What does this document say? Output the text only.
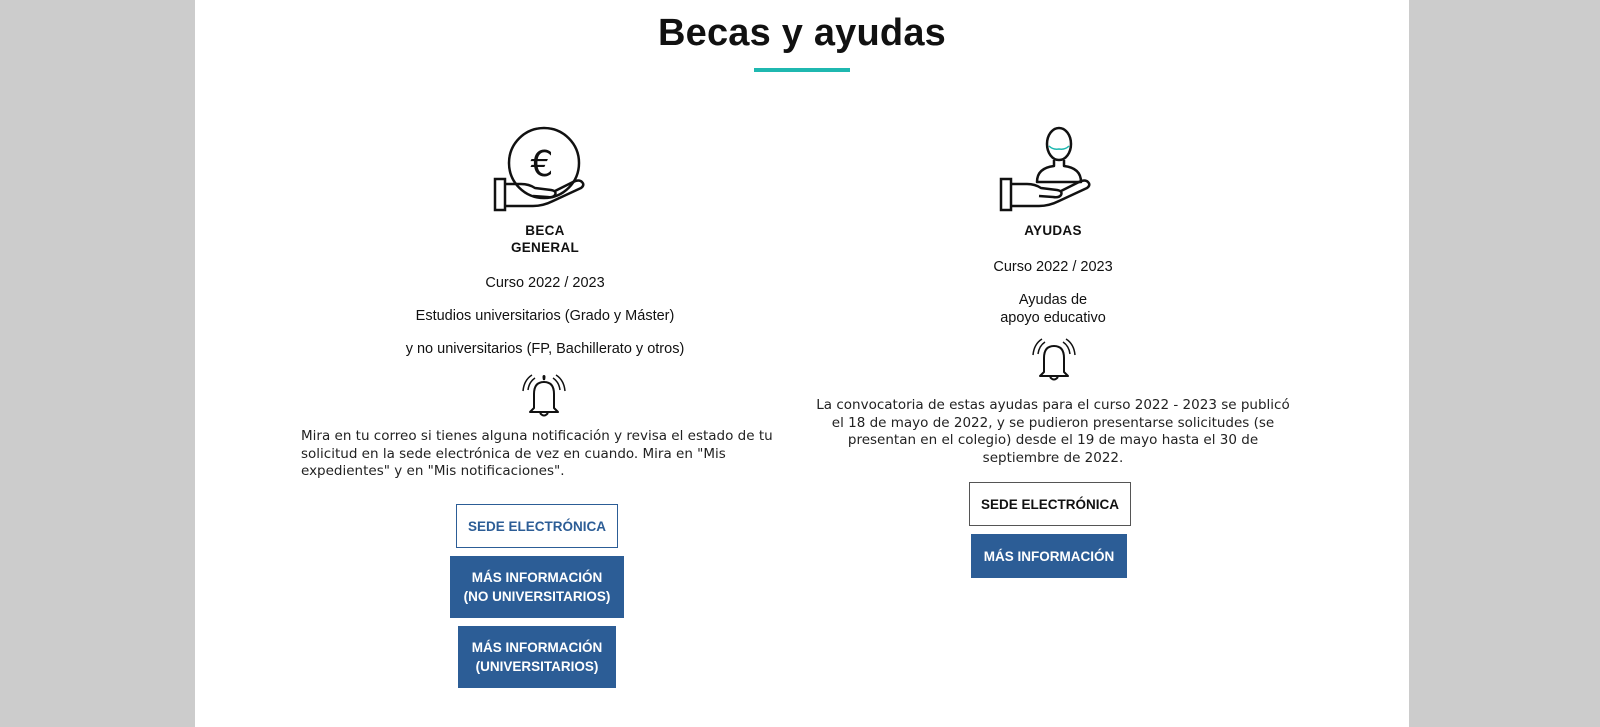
Becas y ayudas
€
BECA
GENERAL
Curso 2022 / 2023
Estudios universitarios (Grado y Máster)
y no universitarios (FP, Bachillerato y otros)
Mira en tu correo si tienes alguna notificación y revisa el estado de tu
solicitud en la sede electrónica de vez en cuando. Mira en "Mis
expedientes" y en "Mis notificaciones".
SEDE ELECTRÓNICA
MÁS INFORMACIÓN
(NO UNIVERSITARIOS)
MÁS INFORMACIÓN
(UNIVERSITARIOS)
AYUDAS
Curso 2022 / 2023
Ayudas de
apoyo educativo
La convocatoria de estas ayudas para el curso 2022 - 2023 se publicó
el 18 de mayo de 2022, y se pudieron presentarse solicitudes (se
presentan en el colegio) desde el 19 de mayo hasta el 30 de
septiembre de 2022.
SEDE ELECTRÓNICA
MÁS INFORMACIÓN
